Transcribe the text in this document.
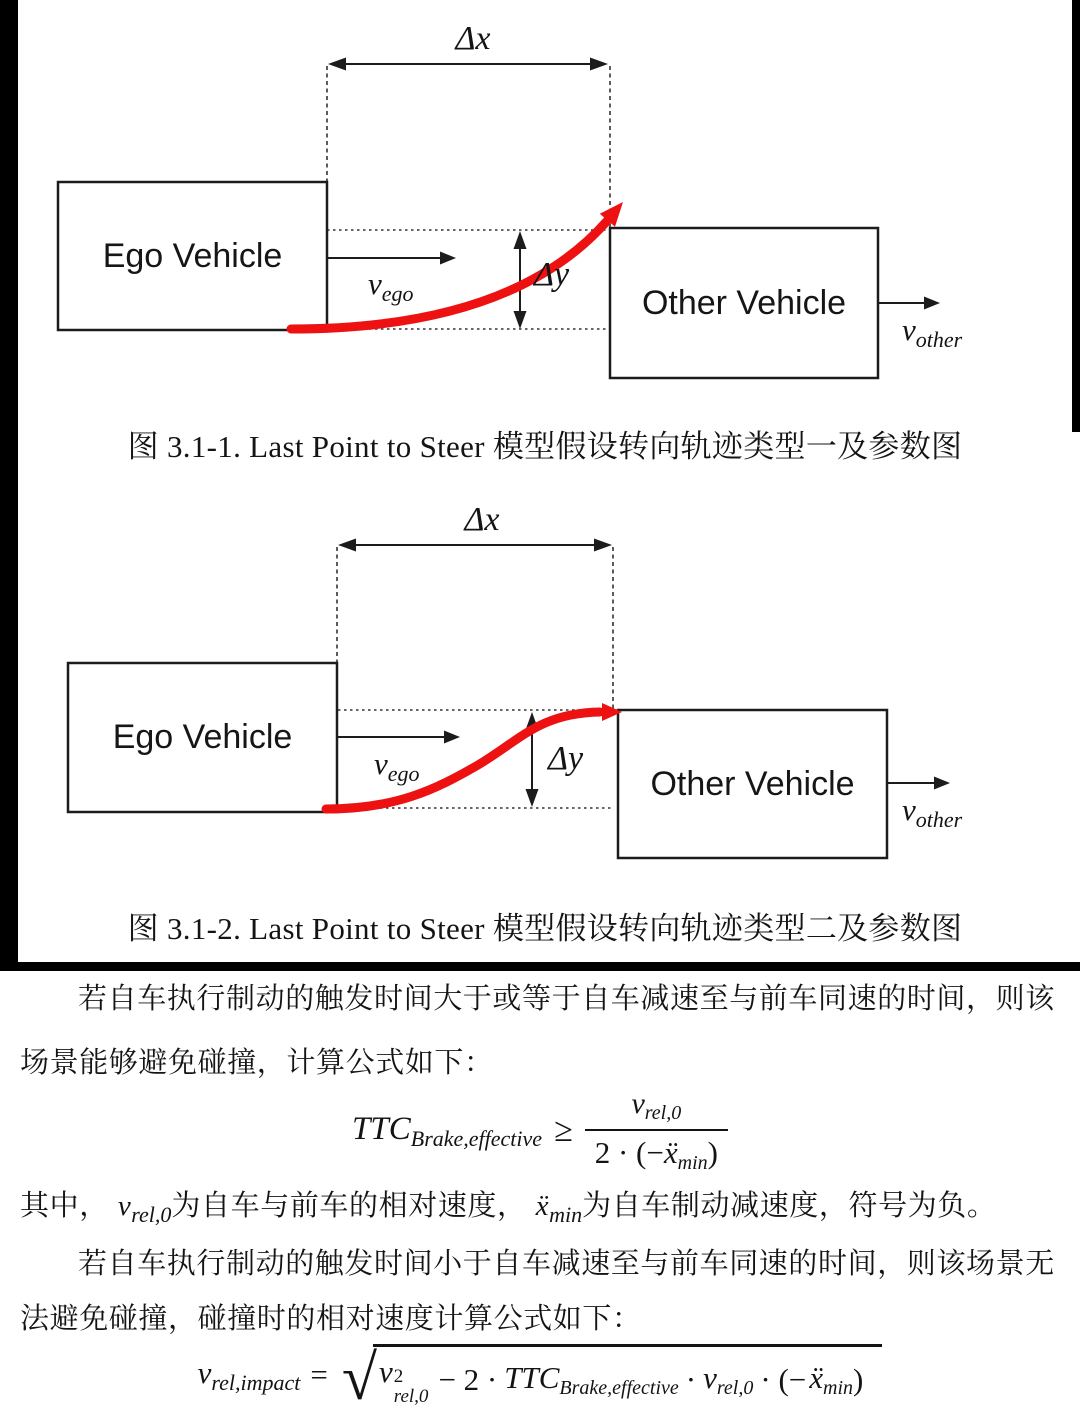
Δx
Ego Vehicle
Other Vehicle
$v_{ego}$
Δy
$v_{other}$
图 3.1-1. Last Point to Steer 模型假设转向轨迹类型一及参数图
Δx
Ego Vehicle
Other Vehicle
$v_{ego}$	Δy
$v_{other}$
图 3.1-2. Last Point to Steer 模型假设转向轨迹类型二及参数图
若自车执行制动的触发时间大于或等于自车减速至与前车同速的时间，则该
场景能够避免碰撞，计算公式如下：
$TTC_{Brake,effective} \ge \frac{v_{rel,0}}{\text{2 · (−ẍmin)}}$
其中， $v_{rel,0}$为自车与前车的相对速度， ẍ$_{min}$为自车制动减速度，符号为负。
若自车执行制动的触发时间小于自车减速至与前车同速的时间，则该场景无
法避免碰撞，碰撞时的相对速度计算公式如下：
$v_{rel,impact}$ = √ v 2
rel,0 − 2 · TTCBrake,effective · vrel,0 · (− ẍmin )
